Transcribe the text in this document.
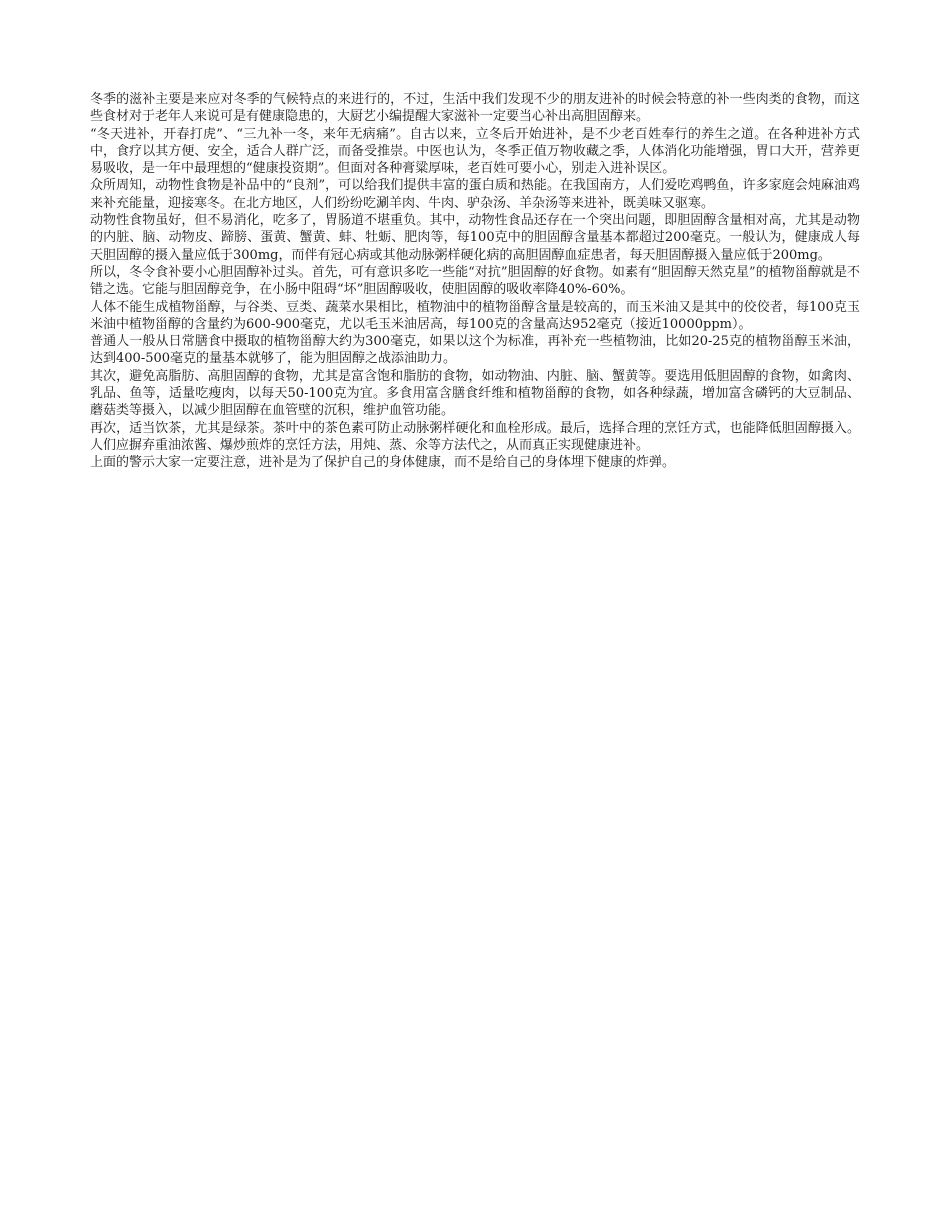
冬季的滋补主要是来应对冬季的气候特点的来进行的，不过，生活中我们发现不少的朋友进补的时候会特意的补一些肉类的食物，而这些食材对于老年人来说可是有健康隐患的，大厨艺小编提醒大家滋补一定要当心补出高胆固醇来。

“冬天进补，开春打虎”、“三九补一冬，来年无病痛”。自古以来，立冬后开始进补，是不少老百姓奉行的养生之道。在各种进补方式中，食疗以其方便、安全，适合人群广泛，而备受推崇。中医也认为，冬季正值万物收藏之季，人体消化功能增强，胃口大开，营养更易吸收，是一年中最理想的“健康投资期”。但面对各种膏粱厚味，老百姓可要小心，别走入进补误区。

众所周知，动物性食物是补品中的“良剂”，可以给我们提供丰富的蛋白质和热能。在我国南方，人们爱吃鸡鸭鱼，许多家庭会炖麻油鸡来补充能量，迎接寒冬。在北方地区，人们纷纷吃涮羊肉、牛肉、驴杂汤、羊杂汤等来进补，既美味又驱寒。

动物性食物虽好，但不易消化，吃多了，胃肠道不堪重负。其中，动物性食品还存在一个突出问题，即胆固醇含量相对高，尤其是动物的内脏、脑、动物皮、蹄膀、蛋黄、蟹黄、蚌、牡蛎、肥肉等，每100克中的胆固醇含量基本都超过200毫克。一般认为，健康成人每天胆固醇的摄入量应低于300mg，而伴有冠心病或其他动脉粥样硬化病的高胆固醇血症患者，每天胆固醇摄入量应低于200mg。

所以，冬令食补要小心胆固醇补过头。首先，可有意识多吃一些能“对抗”胆固醇的好食物。如素有“胆固醇天然克星”的植物甾醇就是不错之选。它能与胆固醇竞争，在小肠中阻碍“坏”胆固醇吸收，使胆固醇的吸收率降40%-60%。

人体不能生成植物甾醇，与谷类、豆类、蔬菜水果相比，植物油中的植物甾醇含量是较高的，而玉米油又是其中的佼佼者，每100克玉米油中植物甾醇的含量约为600-900毫克，尤以毛玉米油居高，每100克的含量高达952毫克（接近10000ppm）。

普通人一般从日常膳食中摄取的植物甾醇大约为300毫克，如果以这个为标准，再补充一些植物油，比如20-25克的植物甾醇玉米油，达到400-500毫克的量基本就够了，能为胆固醇之战添油助力。

其次，避免高脂肪、高胆固醇的食物，尤其是富含饱和脂肪的食物，如动物油、内脏、脑、蟹黄等。要选用低胆固醇的食物，如禽肉、乳品、鱼等，适量吃瘦肉，以每天50-100克为宜。多食用富含膳食纤维和植物甾醇的食物，如各种绿蔬，增加富含磷钙的大豆制品、蘑菇类等摄入，以减少胆固醇在血管壁的沉积，维护血管功能。

再次，适当饮茶，尤其是绿茶。茶叶中的茶色素可防止动脉粥样硬化和血栓形成。最后，选择合理的烹饪方式，也能降低胆固醇摄入。人们应摒弃重油浓酱、爆炒煎炸的烹饪方法，用炖、蒸、氽等方法代之，从而真正实现健康进补。

上面的警示大家一定要注意，进补是为了保护自己的身体健康，而不是给自己的身体埋下健康的炸弹。
